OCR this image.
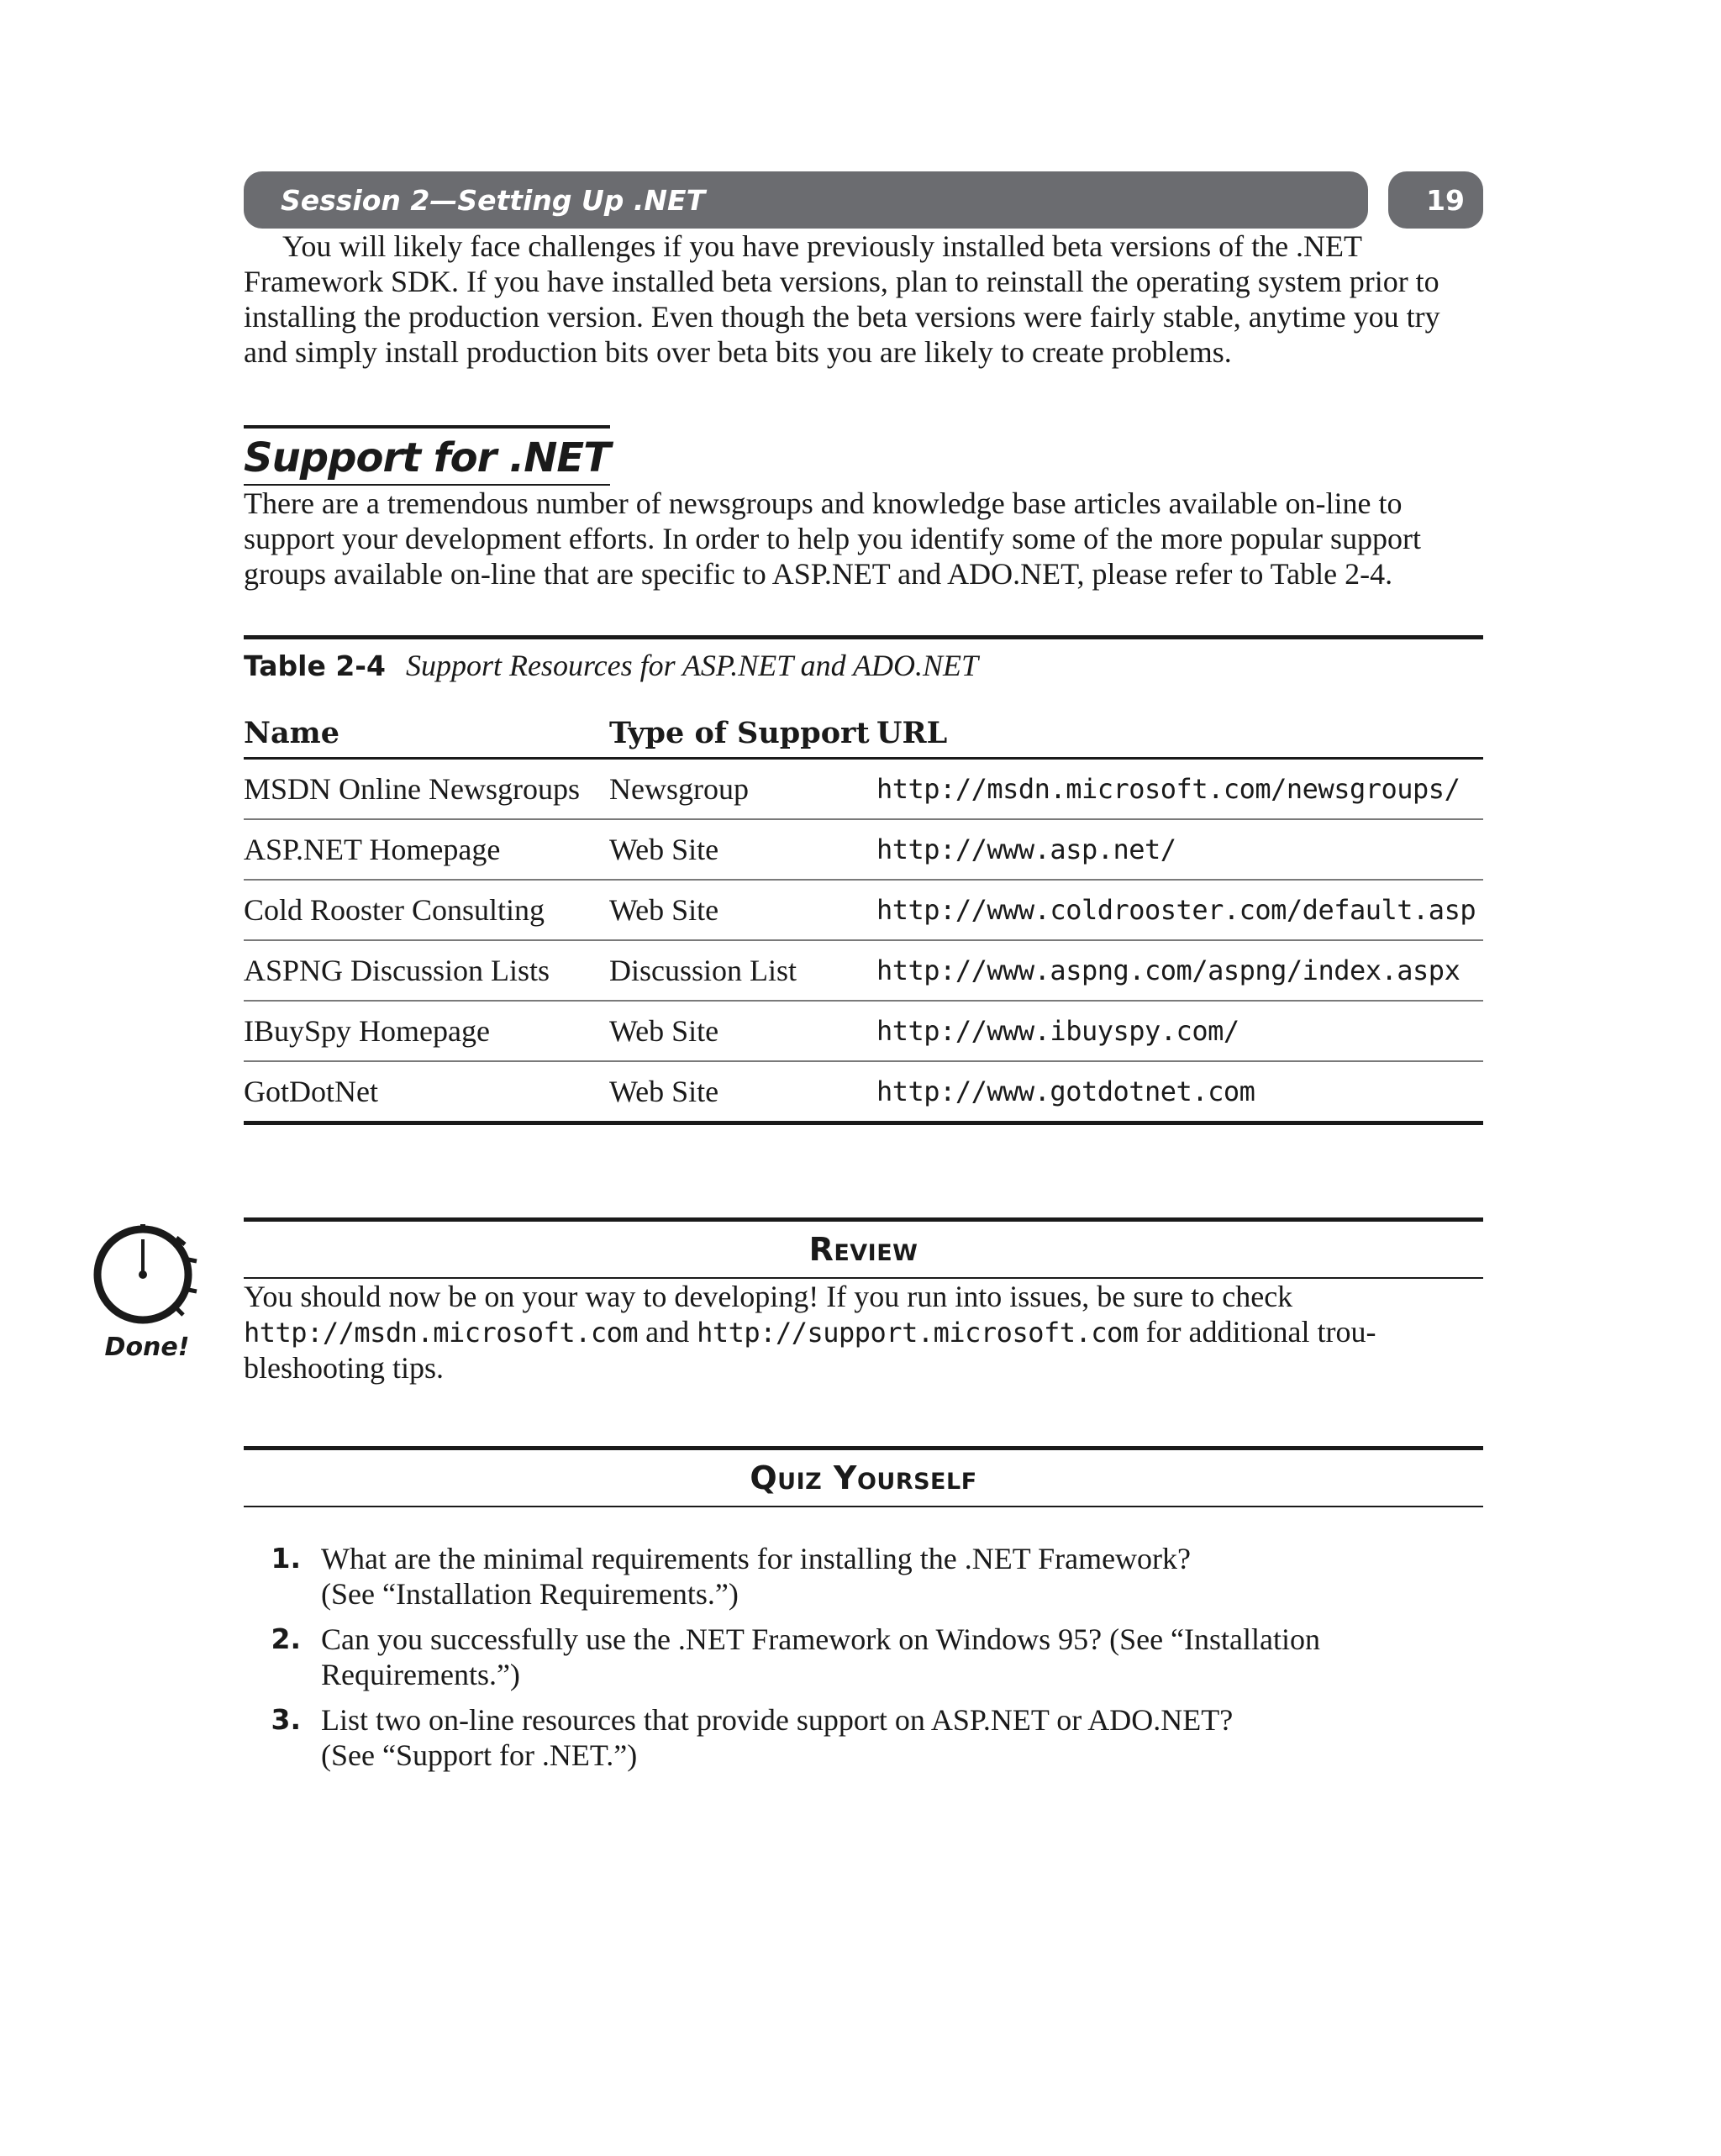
Session 2—Setting Up .NET	19

You will likely face challenges if you have previously installed beta versions of the .NET Framework SDK. If you have installed beta versions, plan to reinstall the operating system prior to installing the production version. Even though the beta versions were fairly stable, anytime you try and simply install production bits over beta bits you are likely to create problems.

Support for .NET

There are a tremendous number of newsgroups and knowledge base articles available on-line to support your development efforts. In order to help you identify some of the more popular support groups available on-line that are specific to ASP.NET and ADO.NET, please refer to Table 2-4.

Table 2-4 Support Resources for ASP.NET and ADO.NET
Name	Type of Support	URL
MSDN Online Newsgroups	Newsgroup	http://msdn.microsoft.com/newsgroups/
ASP.NET Homepage	Web Site	http://www.asp.net/
Cold Rooster Consulting	Web Site	http://www.coldrooster.com/default.asp
ASPNG Discussion Lists	Discussion List	http://www.aspng.com/aspng/index.aspx
IBuySpy Homepage	Web Site	http://www.ibuyspy.com/
GotDotNet	Web Site	http://www.gotdotnet.com
Done!
Review

You should now be on your way to developing! If you run into issues, be sure to check http://msdn.microsoft.com and http://support.microsoft.com for additional trou-bleshooting tips.

Quiz Yourself
1. What are the minimal requirements for installing the .NET Framework?
(See “Installation Requirements.”)
2. Can you successfully use the .NET Framework on Windows 95? (See “Installation
Requirements.”)
3. List two on-line resources that provide support on ASP.NET or ADO.NET?
(See “Support for .NET.”)
